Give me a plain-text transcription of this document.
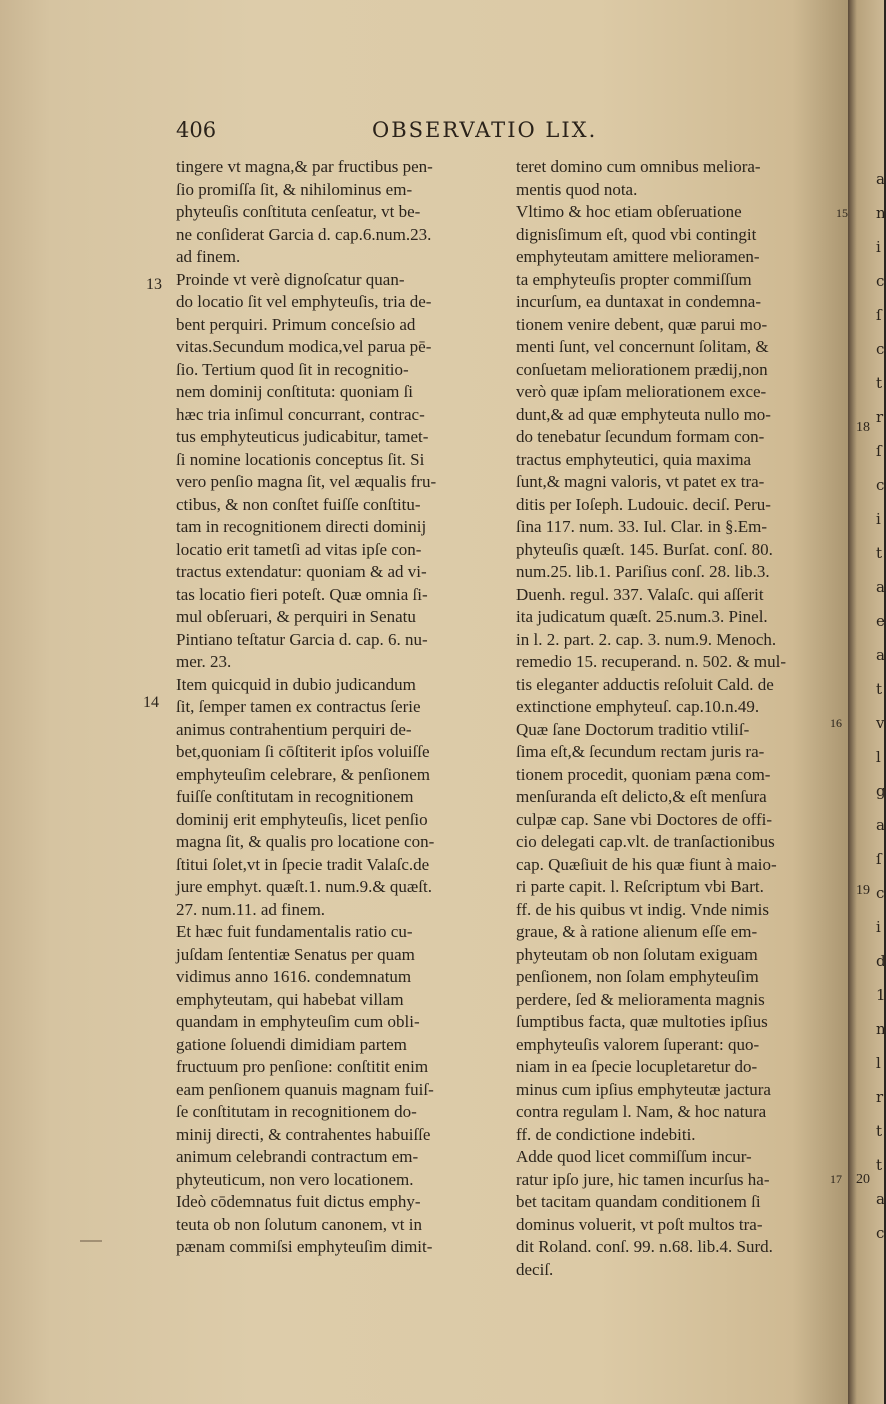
406	OBSERVATIO LIX.
tingere vt magna,& par fructibus pen-
ſio promiſſa ſit, & nihilominus em-
phyteuſis conſtituta cenſeatur, vt be-
ne conſiderat Garcia d. cap.6.num.23.
ad finem.
Proinde vt verè dignoſcatur quan-
do locatio ſit vel emphyteuſis, tria de-
bent perquiri. Primum conceſsio ad
vitas.Secundum modica,vel parua pē-
ſio. Tertium quod ſit in recognitio-
nem dominij conſtituta: quoniam ſi
hæc tria inſimul concurrant, contrac-
tus emphyteuticus judicabitur, tamet-
ſi nomine locationis conceptus ſit. Si
vero penſio magna ſit, vel æqualis fru-
ctibus, & non conſtet fuiſſe conſtitu-
tam in recognitionem directi dominij
locatio erit tametſi ad vitas ipſe con-
tractus extendatur: quoniam & ad vi-
tas locatio fieri poteſt. Quæ omnia ſi-
mul obſeruari, & perquiri in Senatu
Pintiano teſtatur Garcia d. cap. 6. nu-
mer. 23.
Item quicquid in dubio judicandum
ſit, ſemper tamen ex contractus ſerie
animus contrahentium perquiri de-
bet,quoniam ſi cōſtiterit ipſos voluiſſe
emphyteuſim celebrare, & penſionem
fuiſſe conſtitutam in recognitionem
dominij erit emphyteuſis, licet penſio
magna ſit, & qualis pro locatione con-
ſtitui ſolet,vt in ſpecie tradit Valaſc.de
jure emphyt. quæſt.1. num.9.& quæſt.
27. num.11. ad finem.
Et hæc fuit fundamentalis ratio cu-
juſdam ſententiæ Senatus per quam
vidimus anno 1616. condemnatum
emphyteutam, qui habebat villam
quandam in emphyteuſim cum obli-
gatione ſoluendi dimidiam partem
fructuum pro penſione: conſtitit enim
eam penſionem quanuis magnam fuiſ-
ſe conſtitutam in recognitionem do-
minij directi, & contrahentes habuiſſe
animum celebrandi contractum em-
phyteuticum, non vero locationem.
Ideò cōdemnatus fuit dictus emphy-
teuta ob non ſolutum canonem, vt in
pænam commiſsi emphyteuſim dimit-
teret domino cum omnibus meliora-
mentis quod nota.
Vltimo & hoc etiam obſeruatione
dignisſimum eſt, quod vbi contingit
emphyteutam amittere melioramen-
ta emphyteuſis propter commiſſum
incurſum, ea duntaxat in condemna-
tionem venire debent, quæ parui mo-
menti ſunt, vel concernunt ſolitam, &
conſuetam meliorationem prædij,non
verò quæ ipſam meliorationem exce-
dunt,& ad quæ emphyteuta nullo mo-
do tenebatur ſecundum formam con-
tractus emphyteutici, quia maxima
ſunt,& magni valoris, vt patet ex tra-
ditis per Ioſeph. Ludouic. deciſ. Peru-
ſina 117. num. 33. Iul. Clar. in §.Em-
phyteuſis quæſt. 145. Burſat. conſ. 80.
num.25. lib.1. Pariſius conſ. 28. lib.3.
Duenh. regul. 337. Valaſc. qui aſſerit
ita judicatum quæſt. 25.num.3. Pinel.
in l. 2. part. 2. cap. 3. num.9. Menoch.
remedio 15. recuperand. n. 502. & mul-
tis eleganter adductis reſoluit Cald. de
extinctione emphyteuſ. cap.10.n.49.
Quæ ſane Doctorum traditio vtiliſ-
ſima eſt,& ſecundum rectam juris ra-
tionem procedit, quoniam pæna com-
menſuranda eſt delicto,& eſt menſura
culpæ cap. Sane vbi Doctores de offi-
cio delegati cap.vlt. de tranſactionibus
cap. Quæſiuit de his quæ fiunt à maio-
ri parte capit. l. Reſcriptum vbi Bart.
ff. de his quibus vt indig. Vnde nimis
graue, & à ratione alienum eſſe em-
phyteutam ob non ſolutam exiguam
penſionem, non ſolam emphyteuſim
perdere, ſed & melioramenta magnis
ſumptibus facta, quæ multoties ipſius
emphyteuſis valorem ſuperant: quo-
niam in ea ſpecie locupletaretur do-
minus cum ipſius emphyteutæ jactura
contra regulam l. Nam, & hoc natura
ff. de condictione indebiti.
Adde quod licet commiſſum incur-
ratur ipſo jure, hic tamen incurſus ha-
bet tacitam quandam conditionem ſi
dominus voluerit, vt poſt multos tra-
dit Roland. conſ. 99. n.68. lib.4. Surd.
deciſ.
13
14
15
16
17
18
19
20
a
n
i
c
ſ
c
t
r
ſ
c
i
t
a
e
a
t
v
l
g
a
ſ
c
i
d
1
n
l
r
t
t
a
c
